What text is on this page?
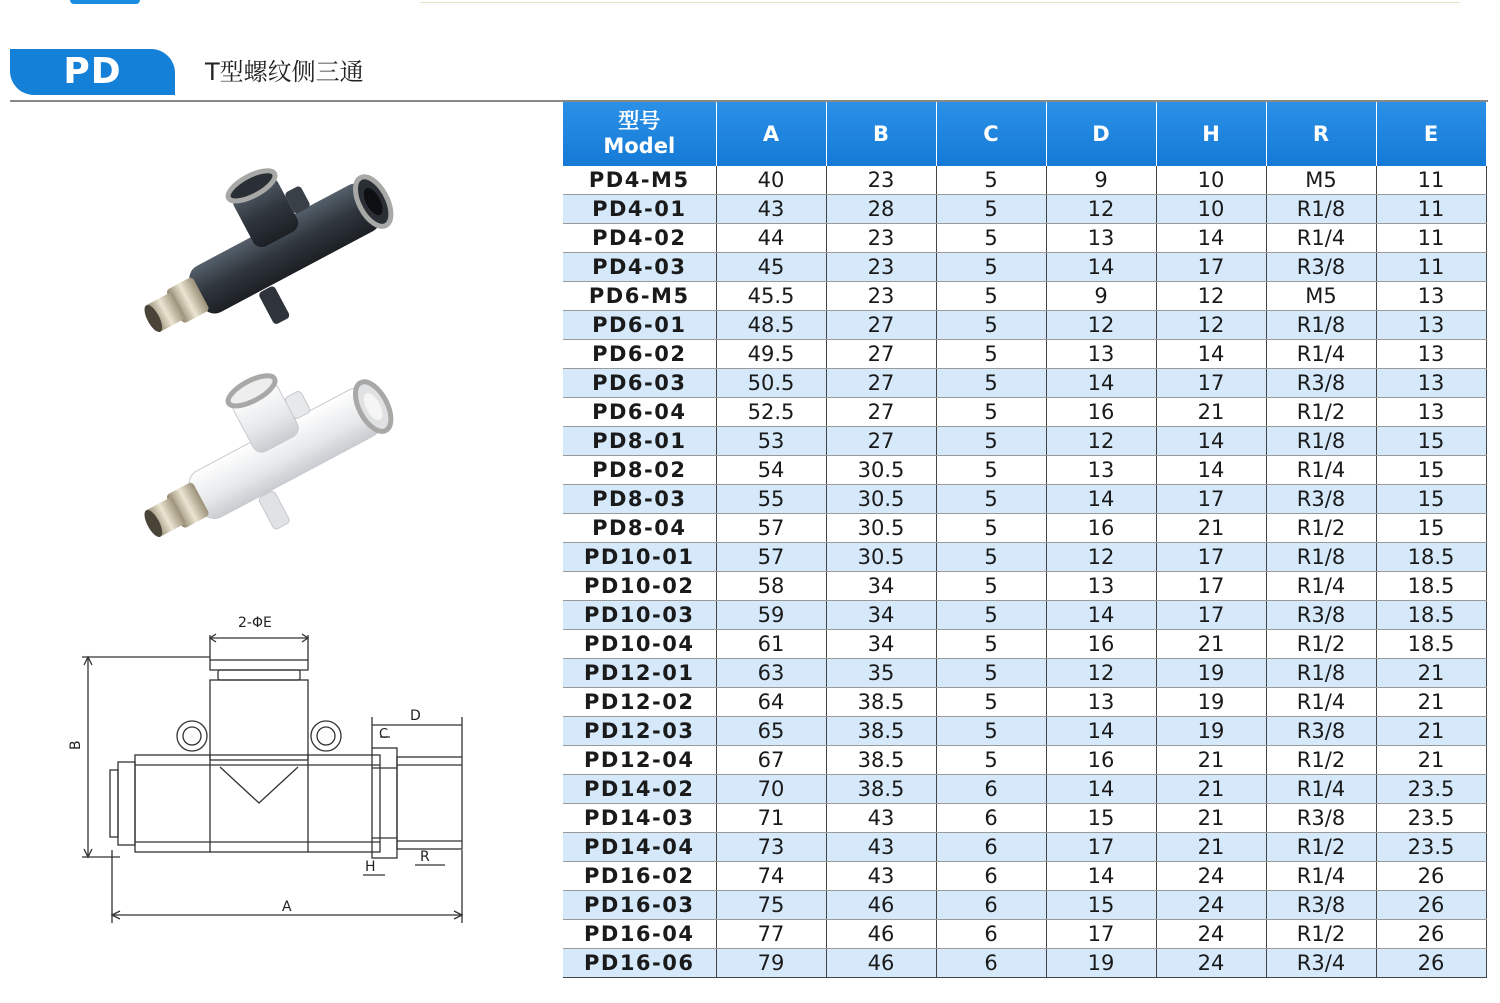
PD	T型螺纹侧三通
2-ΦE
B
D
C
H
R
A
型号
Model	A	B	C	D	H	R	E
PD4-M5	40	23	5	9	10	M5	11
PD4-01	43	28	5	12	10	R1/8	11
PD4-02	44	23	5	13	14	R1/4	11
PD4-03	45	23	5	14	17	R3/8	11
PD6-M5	45.5	23	5	9	12	M5	13
PD6-01	48.5	27	5	12	12	R1/8	13
PD6-02	49.5	27	5	13	14	R1/4	13
PD6-03	50.5	27	5	14	17	R3/8	13
PD6-04	52.5	27	5	16	21	R1/2	13
PD8-01	53	27	5	12	14	R1/8	15
PD8-02	54	30.5	5	13	14	R1/4	15
PD8-03	55	30.5	5	14	17	R3/8	15
PD8-04	57	30.5	5	16	21	R1/2	15
PD10-01	57	30.5	5	12	17	R1/8	18.5
PD10-02	58	34	5	13	17	R1/4	18.5
PD10-03	59	34	5	14	17	R3/8	18.5
PD10-04	61	34	5	16	21	R1/2	18.5
PD12-01	63	35	5	12	19	R1/8	21
PD12-02	64	38.5	5	13	19	R1/4	21
PD12-03	65	38.5	5	14	19	R3/8	21
PD12-04	67	38.5	5	16	21	R1/2	21
PD14-02	70	38.5	6	14	21	R1/4	23.5
PD14-03	71	43	6	15	21	R3/8	23.5
PD14-04	73	43	6	17	21	R1/2	23.5
PD16-02	74	43	6	14	24	R1/4	26
PD16-03	75	46	6	15	24	R3/8	26
PD16-04	77	46	6	17	24	R1/2	26
PD16-06	79	46	6	19	24	R3/4	26
